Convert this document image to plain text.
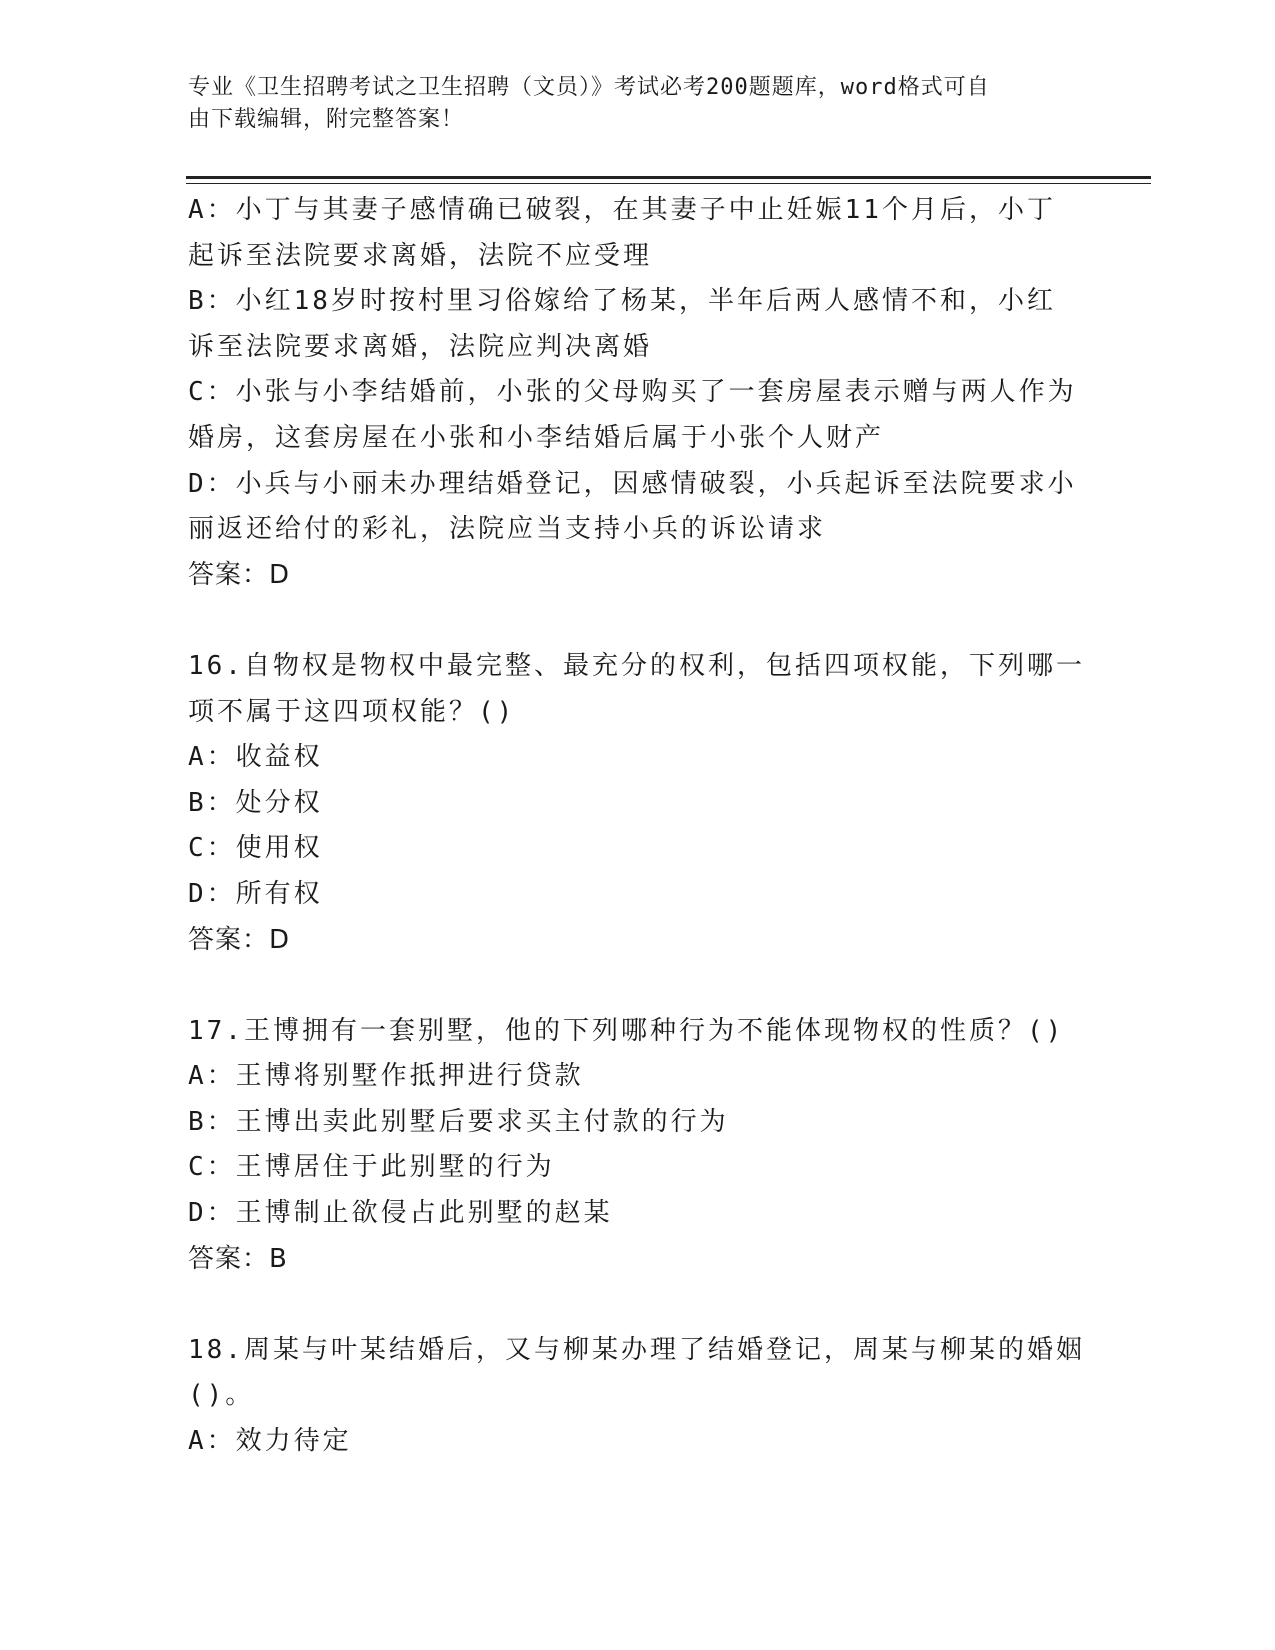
专业《卫生招聘考试之卫生招聘（文员）》考试必考200题题库，word格式可自
由下载编辑，附完整答案！
A：小丁与其妻子感情确已破裂，在其妻子中止妊娠11个月后，小丁
起诉至法院要求离婚，法院不应受理
B：小红18岁时按村里习俗嫁给了杨某，半年后两人感情不和，小红
诉至法院要求离婚，法院应判决离婚
C：小张与小李结婚前，小张的父母购买了一套房屋表示赠与两人作为
婚房，这套房屋在小张和小李结婚后属于小张个人财产
D：小兵与小丽未办理结婚登记，因感情破裂，小兵起诉至法院要求小
丽返还给付的彩礼，法院应当支持小兵的诉讼请求
答案：D
16.自物权是物权中最完整、最充分的权利，包括四项权能，下列哪一
项不属于这四项权能？()
A：收益权
B：处分权
C：使用权
D：所有权
答案：D
17.王博拥有一套别墅，他的下列哪种行为不能体现物权的性质？()
A：王博将别墅作抵押进行贷款
B：王博出卖此别墅后要求买主付款的行为
C：王博居住于此别墅的行为
D：王博制止欲侵占此别墅的赵某
答案：B
18.周某与叶某结婚后，又与柳某办理了结婚登记，周某与柳某的婚姻
()。
A：效力待定
